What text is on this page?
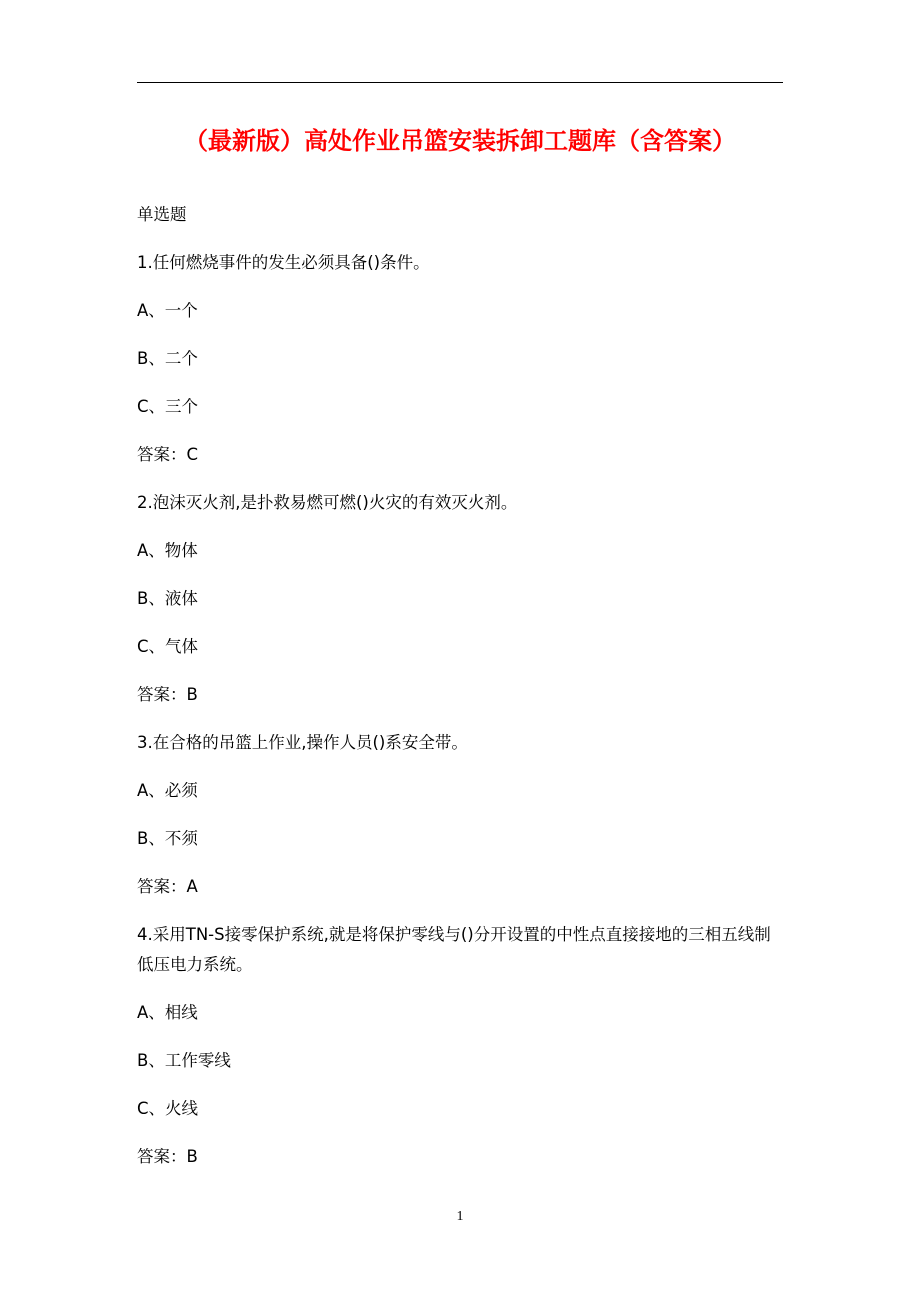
（最新版）高处作业吊篮安装拆卸工题库（含答案）

单选题

1.任何燃烧事件的发生必须具备()条件。

A、一个

B、二个

C、三个

答案：C

2.泡沫灭火剂,是扑救易燃可燃()火灾的有效灭火剂。

A、物体

B、液体

C、气体

答案：B

3.在合格的吊篮上作业,操作人员()系安全带。

A、必须

B、不须

答案：A

4.采用TN-S接零保护系统,就是将保护零线与()分开设置的中性点直接接地的三相五线制低压电力系统。

A、相线

B、工作零线

C、火线

答案：B

1
